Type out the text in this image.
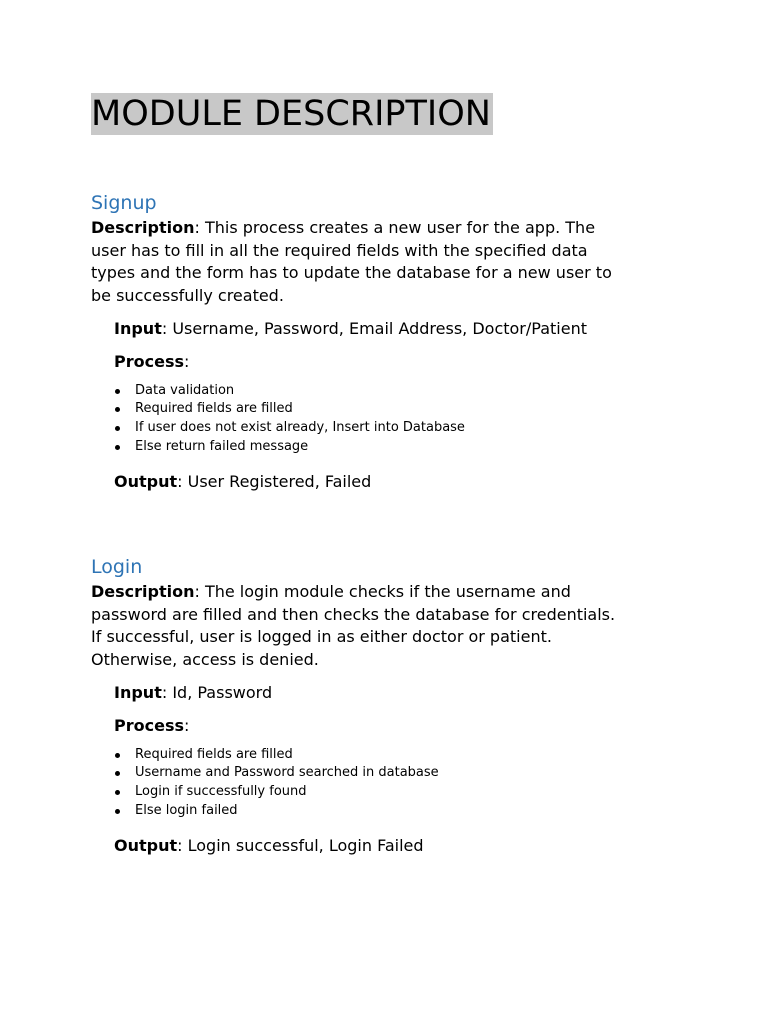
MODULE DESCRIPTION
Signup

Description: This process creates a new user for the app. The
user has to fill in all the required fields with the specified data
types and the form has to update the database for a new user to
be successfully created.

Input: Username, Password, Email Address, Doctor/Patient
Process:
Data validation
Required fields are filled
If user does not exist already, Insert into Database
Else return failed message
Output: User Registered, Failed
Login

Description: The login module checks if the username and
password are filled and then checks the database for credentials.
If successful, user is logged in as either doctor or patient.
Otherwise, access is denied.

Input: Id, Password
Process:
Required fields are filled
Username and Password searched in database
Login if successfully found
Else login failed
Output: Login successful, Login Failed
